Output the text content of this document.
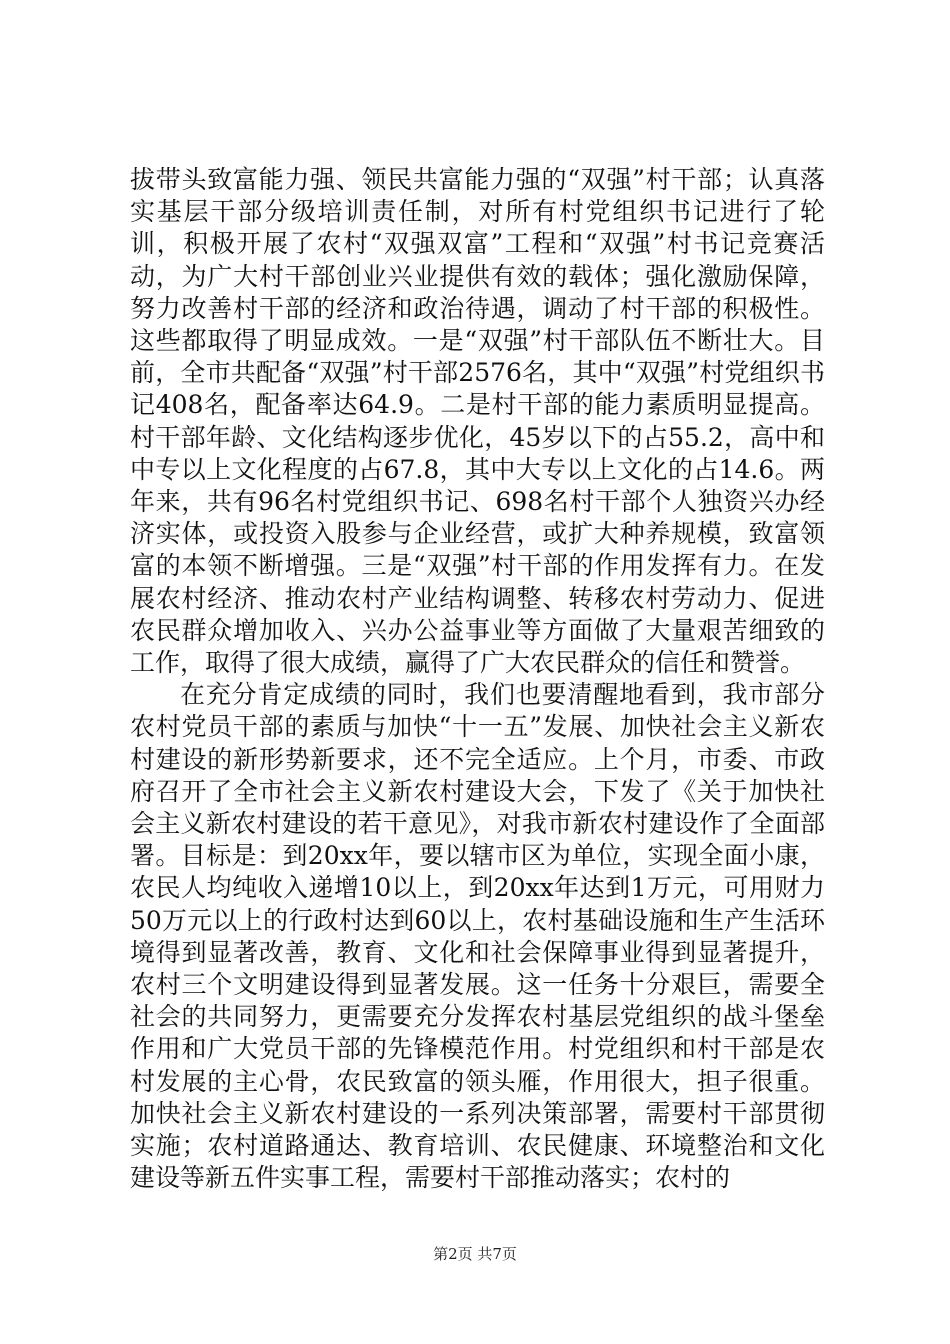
拔带头致富能力强、领民共富能力强的“双强”村干部；认真落实基层干部分级培训责任制，对所有村党组织书记进行了轮训，积极开展了农村“双强双富”工程和“双强”村书记竞赛活动，为广大村干部创业兴业提供有效的载体；强化激励保障，努力改善村干部的经济和政治待遇，调动了村干部的积极性。这些都取得了明显成效。一是“双强”村干部队伍不断壮大。目前，全市共配备“双强”村干部2576名，其中“双强”村党组织书记408名，配备率达64.9。二是村干部的能力素质明显提高。村干部年龄、文化结构逐步优化，45岁以下的占55.2，高中和中专以上文化程度的占67.8，其中大专以上文化的占14.6。两年来，共有96名村党组织书记、698名村干部个人独资兴办经济实体，或投资入股参与企业经营，或扩大种养规模，致富领富的本领不断增强。三是“双强”村干部的作用发挥有力。在发展农村经济、推动农村产业结构调整、转移农村劳动力、促进农民群众增加收入、兴办公益事业等方面做了大量艰苦细致的工作，取得了很大成绩，赢得了广大农民群众的信任和赞誉。

在充分肯定成绩的同时，我们也要清醒地看到，我市部分农村党员干部的素质与加快“十一五”发展、加快社会主义新农村建设的新形势新要求，还不完全适应。上个月，市委、市政府召开了全市社会主义新农村建设大会，下发了《关于加快社会主义新农村建设的若干意见》，对我市新农村建设作了全面部署。目标是：到20xx年，要以辖市区为单位，实现全面小康，农民人均纯收入递增10以上，到20xx年达到1万元，可用财力50万元以上的行政村达到60以上，农村基础设施和生产生活环境得到显著改善，教育、文化和社会保障事业得到显著提升，农村三个文明建设得到显著发展。这一任务十分艰巨，需要全社会的共同努力，更需要充分发挥农村基层党组织的战斗堡垒作用和广大党员干部的先锋模范作用。村党组织和村干部是农村发展的主心骨，农民致富的领头雁，作用很大，担子很重。加快社会主义新农村建设的一系列决策部署，需要村干部贯彻实施；农村道路通达、教育培训、农民健康、环境整治和文化建设等新五件实事工程，需要村干部推动落实；农村的

第2页 共7页
